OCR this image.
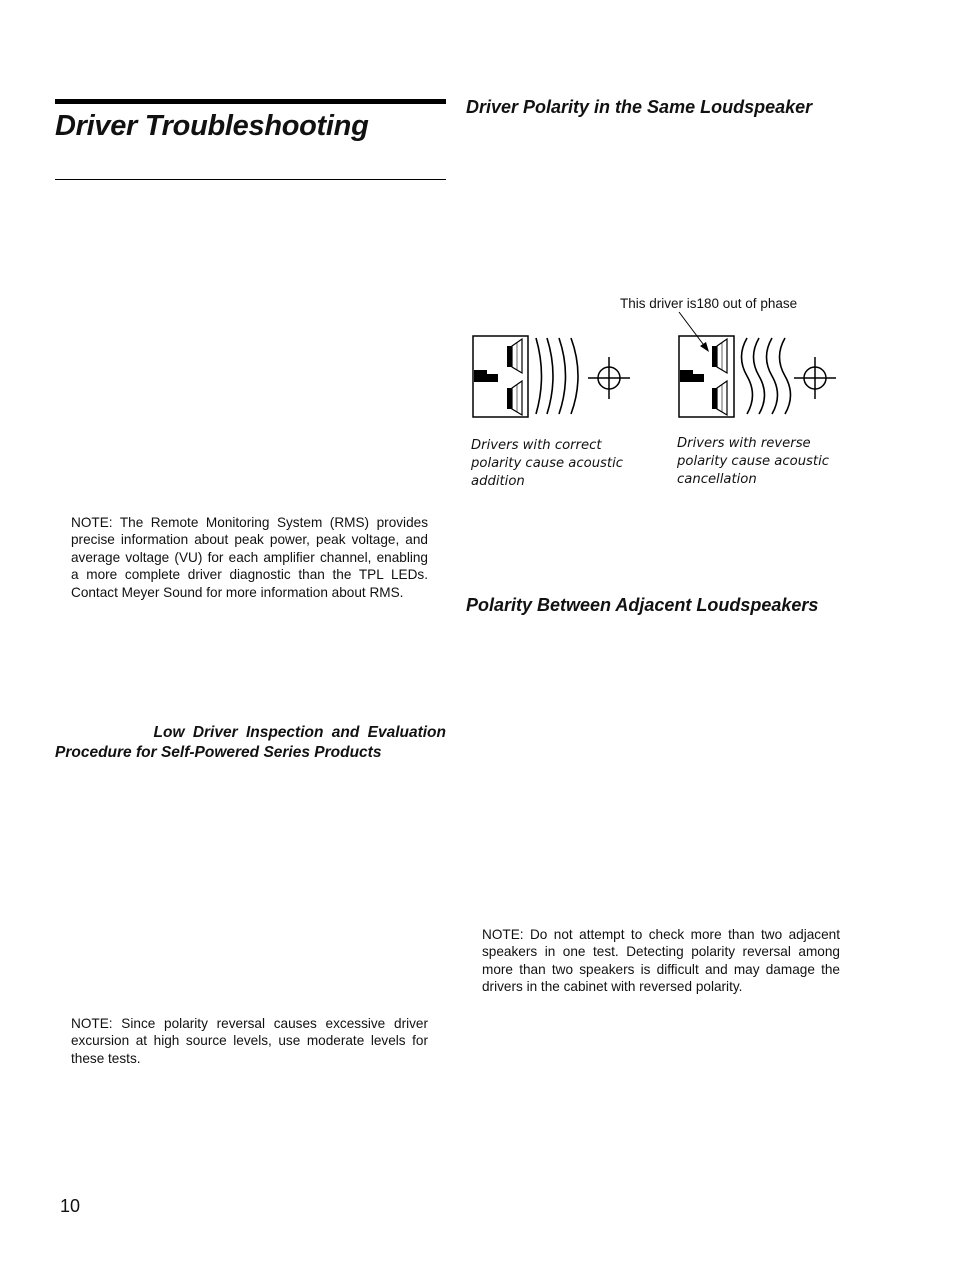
Driver Troubleshooting

NOTE: The Remote Monitoring System (RMS) provides precise information about peak power, peak voltage, and average voltage (VU) for each amplifier channel, enabling a more complete driver diagnostic than the TPL LEDs. Contact Meyer Sound for more information about RMS.

Low Driver Inspection and Evaluation

Procedure for Self-Powered Series Products

NOTE: Since polarity reversal causes excessive driver excursion at high source levels, use moderate levels for these tests.

10
Driver Polarity in the Same Loudspeaker
This driver is180 out of phase

Drivers with correct

polarity cause acoustic

addition

Drivers with reverse

polarity cause acoustic

cancellation

Polarity Between Adjacent Loudspeakers

NOTE: Do not attempt to check more than two adjacent speakers in one test. Detecting polarity reversal among more than two speakers is difficult and may damage the drivers in the cabinet with reversed polarity.
